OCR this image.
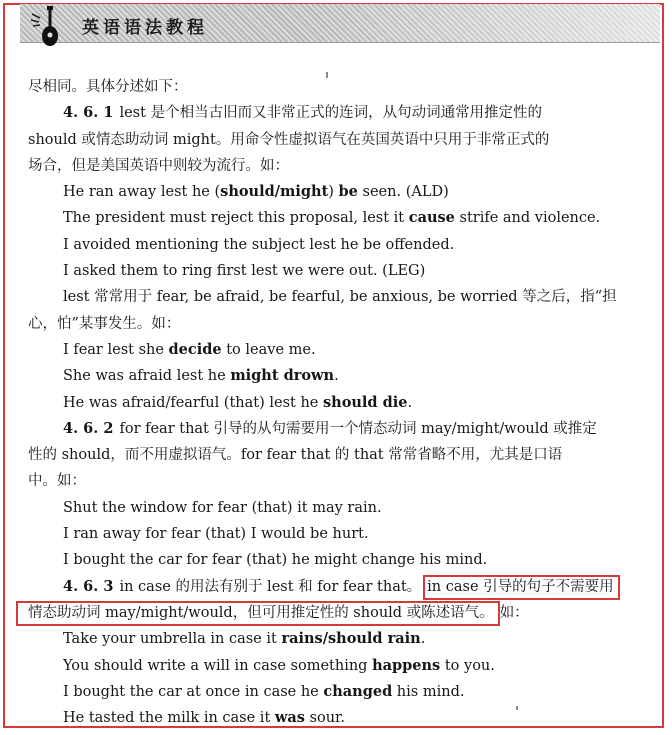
英语语法教程
尽相同。具体分述如下：
4. 6. 1 lest 是个相当古旧而又非常正式的连词，从句动词通常用推定性的
should 或情态助动词 might。用命令性虚拟语气在英国英语中只用于非常正式的
场合，但是美国英语中则较为流行。如：
He ran away lest he (should/might) be seen. (ALD)
The president must reject this proposal, lest it cause strife and violence.
I avoided mentioning the subject lest he be offended.
I asked them to ring first lest we were out. (LEG)
lest 常常用于 fear, be afraid, be fearful, be anxious, be worried 等之后，指“担
心，怕”某事发生。如：
I fear lest she decide to leave me.
She was afraid lest he might drown.
He was afraid/fearful (that) lest he should die.
4. 6. 2 for fear that 引导的从句需要用一个情态动词 may/might/would 或推定
性的 should，而不用虚拟语气。for fear that 的 that 常常省略不用，尤其是口语
中。如：
Shut the window for fear (that) it may rain.
I ran away for fear (that) I would be hurt.
I bought the car for fear (that) he might change his mind.
4. 6. 3 in case 的用法有别于 lest 和 for fear that。 in case 引导的句子不需要用
情态助动词 may/might/would，但可用推定性的 should 或陈述语气。 如：
Take your umbrella in case it rains/should rain.
You should write a will in case something happens to you.
I bought the car at once in case he changed his mind.
He tasted the milk in case it was sour.
